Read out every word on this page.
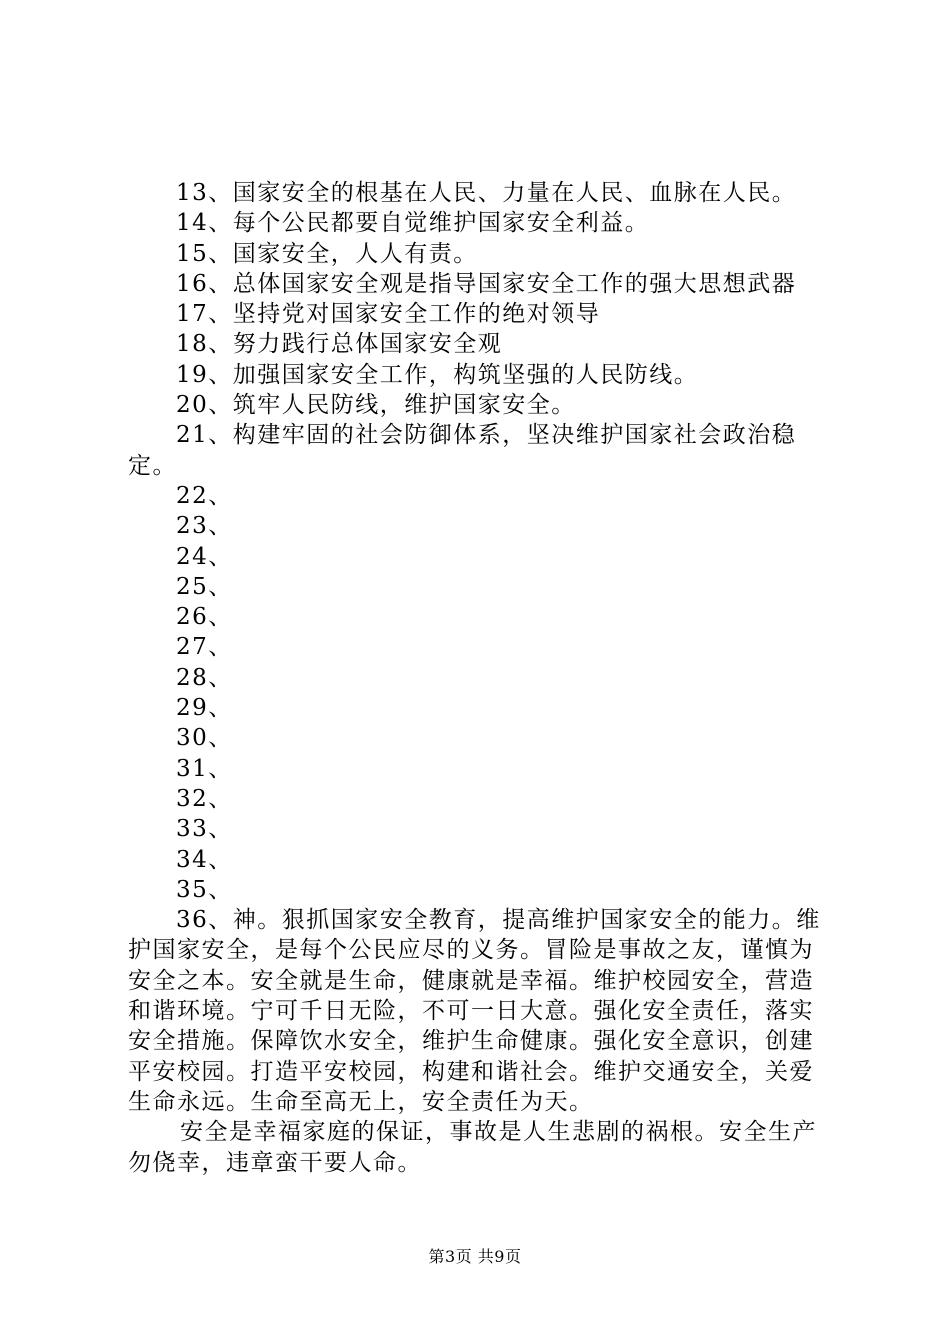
13、国家安全的根基在人民、力量在人民、血脉在人民。

14、每个公民都要自觉维护国家安全利益。

15、国家安全，人人有责。

16、总体国家安全观是指导国家安全工作的强大思想武器

17、坚持党对国家安全工作的绝对领导

18、努力践行总体国家安全观

19、加强国家安全工作，构筑坚强的人民防线。

20、筑牢人民防线，维护国家安全。

21、构建牢固的社会防御体系，坚决维护国家社会政治稳定。

22、

23、

24、

25、

26、

27、

28、

29、

30、

31、

32、

33、

34、

35、

36、神。狠抓国家安全教育，提高维护国家安全的能力。维护国家安全，是每个公民应尽的义务。冒险是事故之友，谨慎为安全之本。安全就是生命，健康就是幸福。维护校园安全，营造和谐环境。宁可千日无险，不可一日大意。强化安全责任，落实安全措施。保障饮水安全，维护生命健康。强化安全意识，创建平安校园。打造平安校园，构建和谐社会。维护交通安全，关爱生命永远。生命至高无上，安全责任为天。

安全是幸福家庭的保证，事故是人生悲剧的祸根。安全生产勿侥幸，违章蛮干要人命。

第3页 共9页
